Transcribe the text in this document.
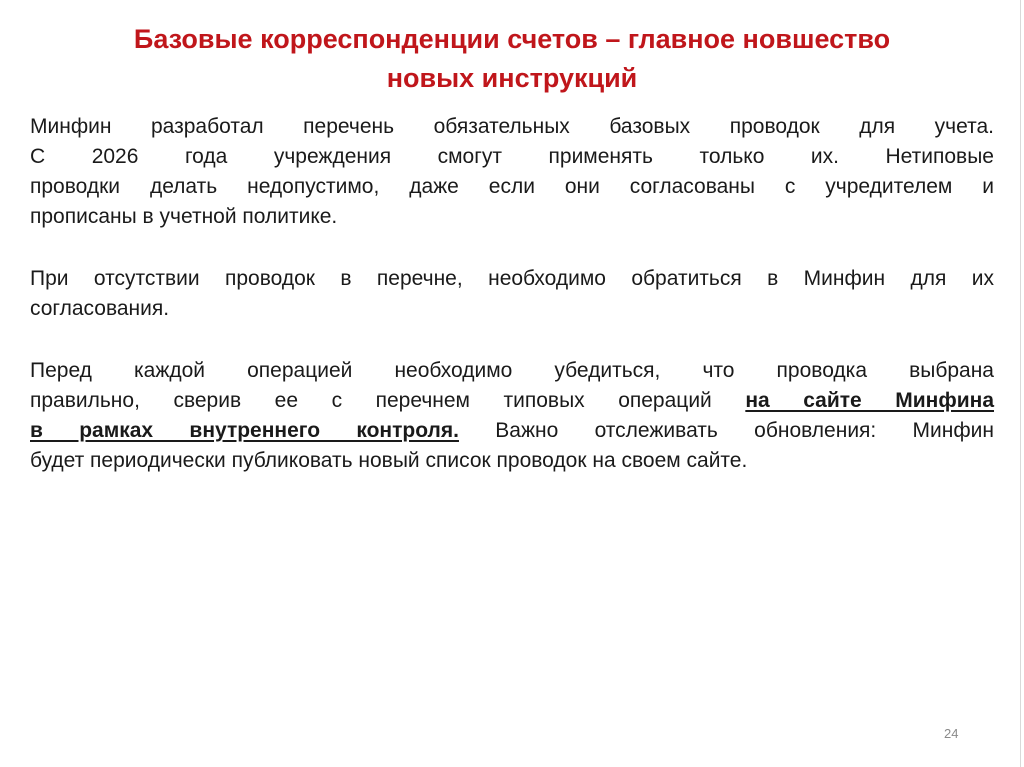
Базовые корреспонденции счетов – главное новшество
новых инструкций
Минфин разработал перечень обязательных базовых проводок для учета.
С 2026 года учреждения смогут применять только их. Нетиповые
проводки делать недопустимо, даже если они согласованы с учредителем и
прописаны в учетной политике.
При отсутствии проводок в перечне, необходимо обратиться в Минфин для их
согласования.
Перед каждой операцией необходимо убедиться, что проводка выбрана
правильно, сверив ее с перечнем типовых операций на сайте Минфина
в рамках внутреннего контроля. Важно отслеживать обновления: Минфин
будет периодически публиковать новый список проводок на своем сайте.
24
